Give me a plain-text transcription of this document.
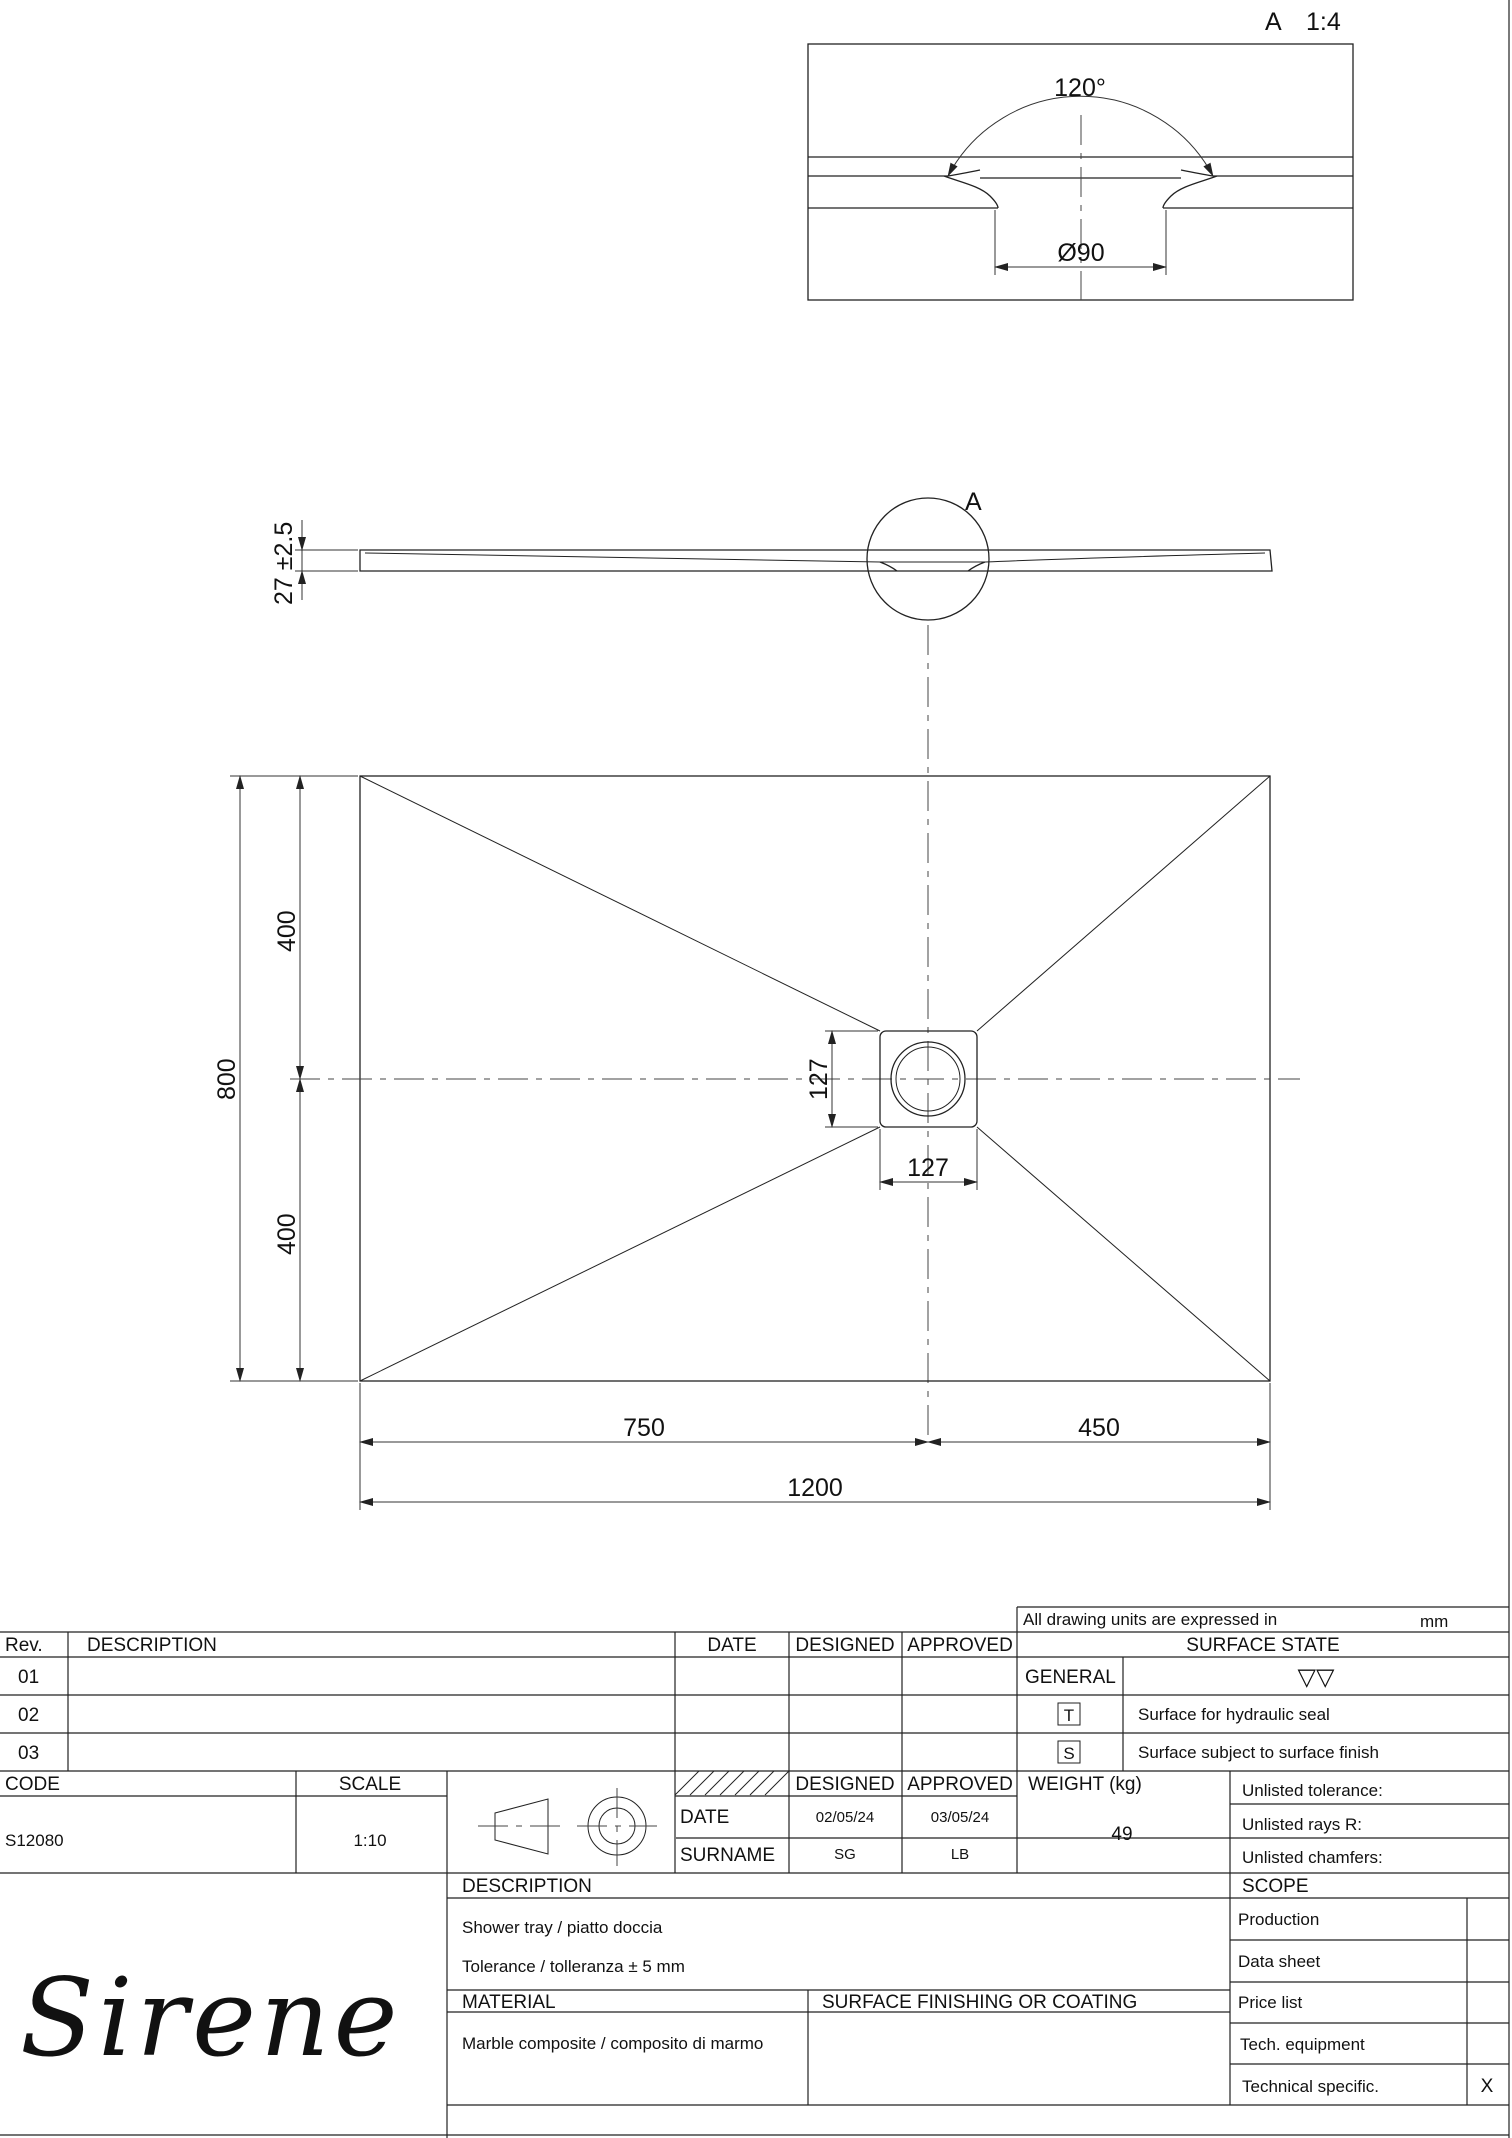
A 1:4
120°
Ø90
A
27 ±2.5
127
127
800
400
400
750	450
1200
All drawing units are expressed in	mm
Rev. DESCRIPTION	DATE DESIGNED APPROVED	SURFACE STATE
01
02
03
GENERAL	▽▽
T	Surface for hydraulic seal
S	Surface subject to surface finish
CODE
S12080
SCALE
1:10
DESIGNED APPROVED
DATE	02/05/24	03/05/24
SURNAME	SG	LB
WEIGHT (kg)
49
Unlisted tolerance:
Unlisted rays R:
Unlisted chamfers:
DESCRIPTION
Shower tray / piatto doccia
Tolerance / tolleranza ± 5 mm
MATERIAL
Marble composite / composito di marmo
SURFACE FINISHING OR COATING
SCOPE
Production
Data sheet
Price list
Tech. equipment
Technical specific.	X
Sirene
